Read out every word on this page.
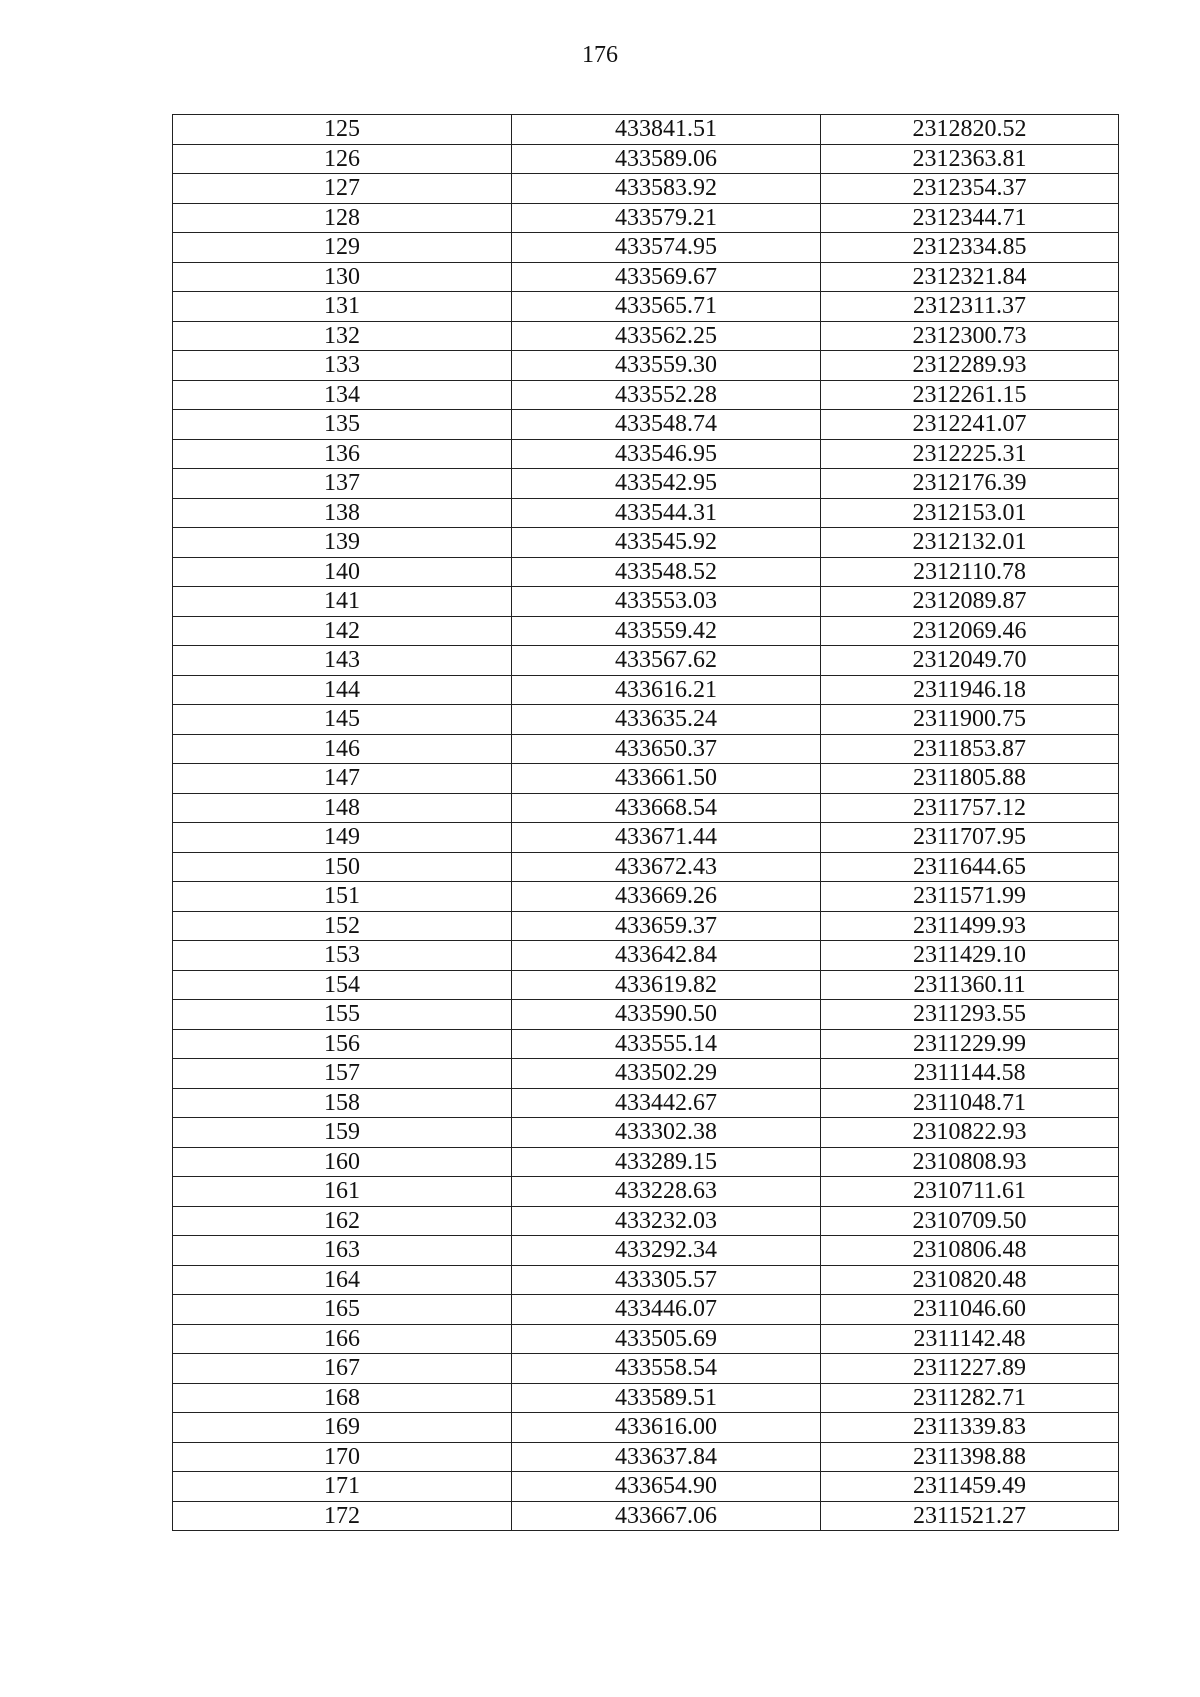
176
125	433841.51	2312820.52
126	433589.06	2312363.81
127	433583.92	2312354.37
128	433579.21	2312344.71
129	433574.95	2312334.85
130	433569.67	2312321.84
131	433565.71	2312311.37
132	433562.25	2312300.73
133	433559.30	2312289.93
134	433552.28	2312261.15
135	433548.74	2312241.07
136	433546.95	2312225.31
137	433542.95	2312176.39
138	433544.31	2312153.01
139	433545.92	2312132.01
140	433548.52	2312110.78
141	433553.03	2312089.87
142	433559.42	2312069.46
143	433567.62	2312049.70
144	433616.21	2311946.18
145	433635.24	2311900.75
146	433650.37	2311853.87
147	433661.50	2311805.88
148	433668.54	2311757.12
149	433671.44	2311707.95
150	433672.43	2311644.65
151	433669.26	2311571.99
152	433659.37	2311499.93
153	433642.84	2311429.10
154	433619.82	2311360.11
155	433590.50	2311293.55
156	433555.14	2311229.99
157	433502.29	2311144.58
158	433442.67	2311048.71
159	433302.38	2310822.93
160	433289.15	2310808.93
161	433228.63	2310711.61
162	433232.03	2310709.50
163	433292.34	2310806.48
164	433305.57	2310820.48
165	433446.07	2311046.60
166	433505.69	2311142.48
167	433558.54	2311227.89
168	433589.51	2311282.71
169	433616.00	2311339.83
170	433637.84	2311398.88
171	433654.90	2311459.49
172	433667.06	2311521.27
